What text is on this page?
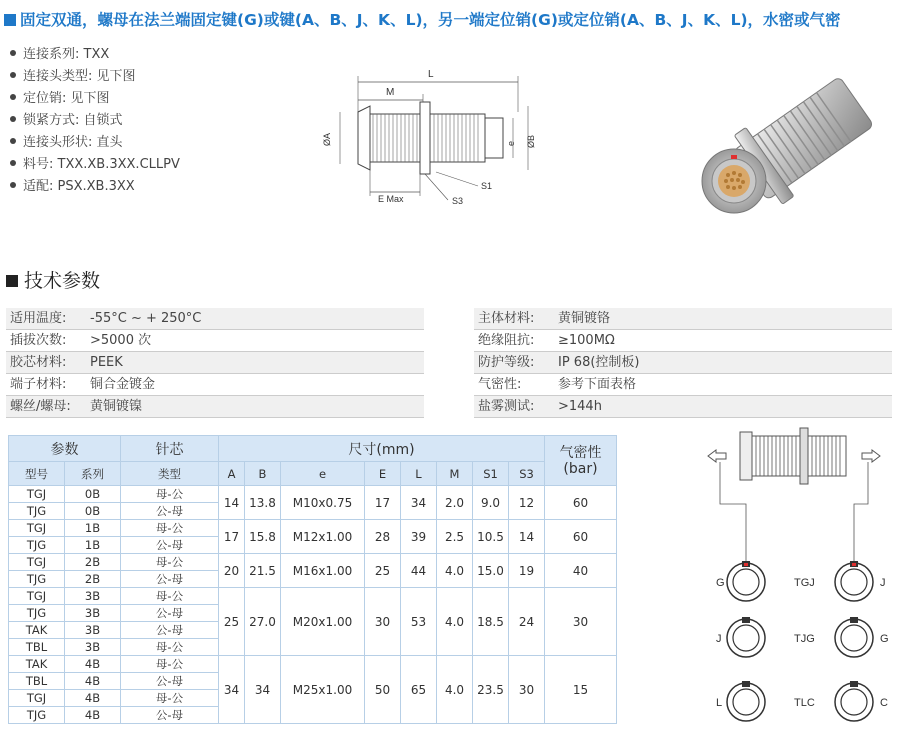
固定双通，螺母在法兰端固定键(G)或键(A、B、J、K、L)，另一端定位销(G)或定位销(A、B、J、K、L)，水密或气密
连接系列: TXX
连接头类型: 见下图
定位销: 见下图
锁紧方式: 自锁式
连接头形状: 直头
料号: TXX.XB.3XX.CLLPV
适配: PSX.XB.3XX
L
M
ØA	ØB
e
E Max
S1
S3
技术参数
适用温度: -55°C ~ + 250°C
插拔次数: >5000 次
胶芯材料: PEEK
端子材料: 铜合金镀金
螺丝/螺母: 黄铜镀镍
主体材料: 黄铜镀铬
绝缘阻抗: ≥100MΩ
防护等级: IP 68(控制板)
气密性:	参考下面表格
盐雾测试: >144h
参数		针芯	尺寸(mm)								气密性
(bar)
型号	系列	类型	A	B	e	E	L	M	S1	S3	
TGJ	0B	母-公	14	13.8	M10x0.75	17	34	2.0	9.0	12	60
TJG	0B	公-母									
TGJ	1B	母-公	17	15.8	M12x1.00	28	39	2.5	10.5	14	60
TJG	1B	公-母									
TGJ	2B	母-公	20	21.5	M16x1.00	25	44	4.0	15.0	19	40
TJG	2B	公-母									
TGJ	3B	母-公	25	27.0	M20x1.00	30	53	4.0	18.5	24	30
TJG	3B	公-母									
TAK	3B	公-母									
TBL	3B	母-公									
TAK	4B	母-公	34	34	M25x1.00	50	65	4.0	23.5	30	15
TBL	4B	公-母									
TGJ	4B	母-公									
TJG	4B	公-母									
G	TGJ	J
J	TJG	G
L	TLC	C
